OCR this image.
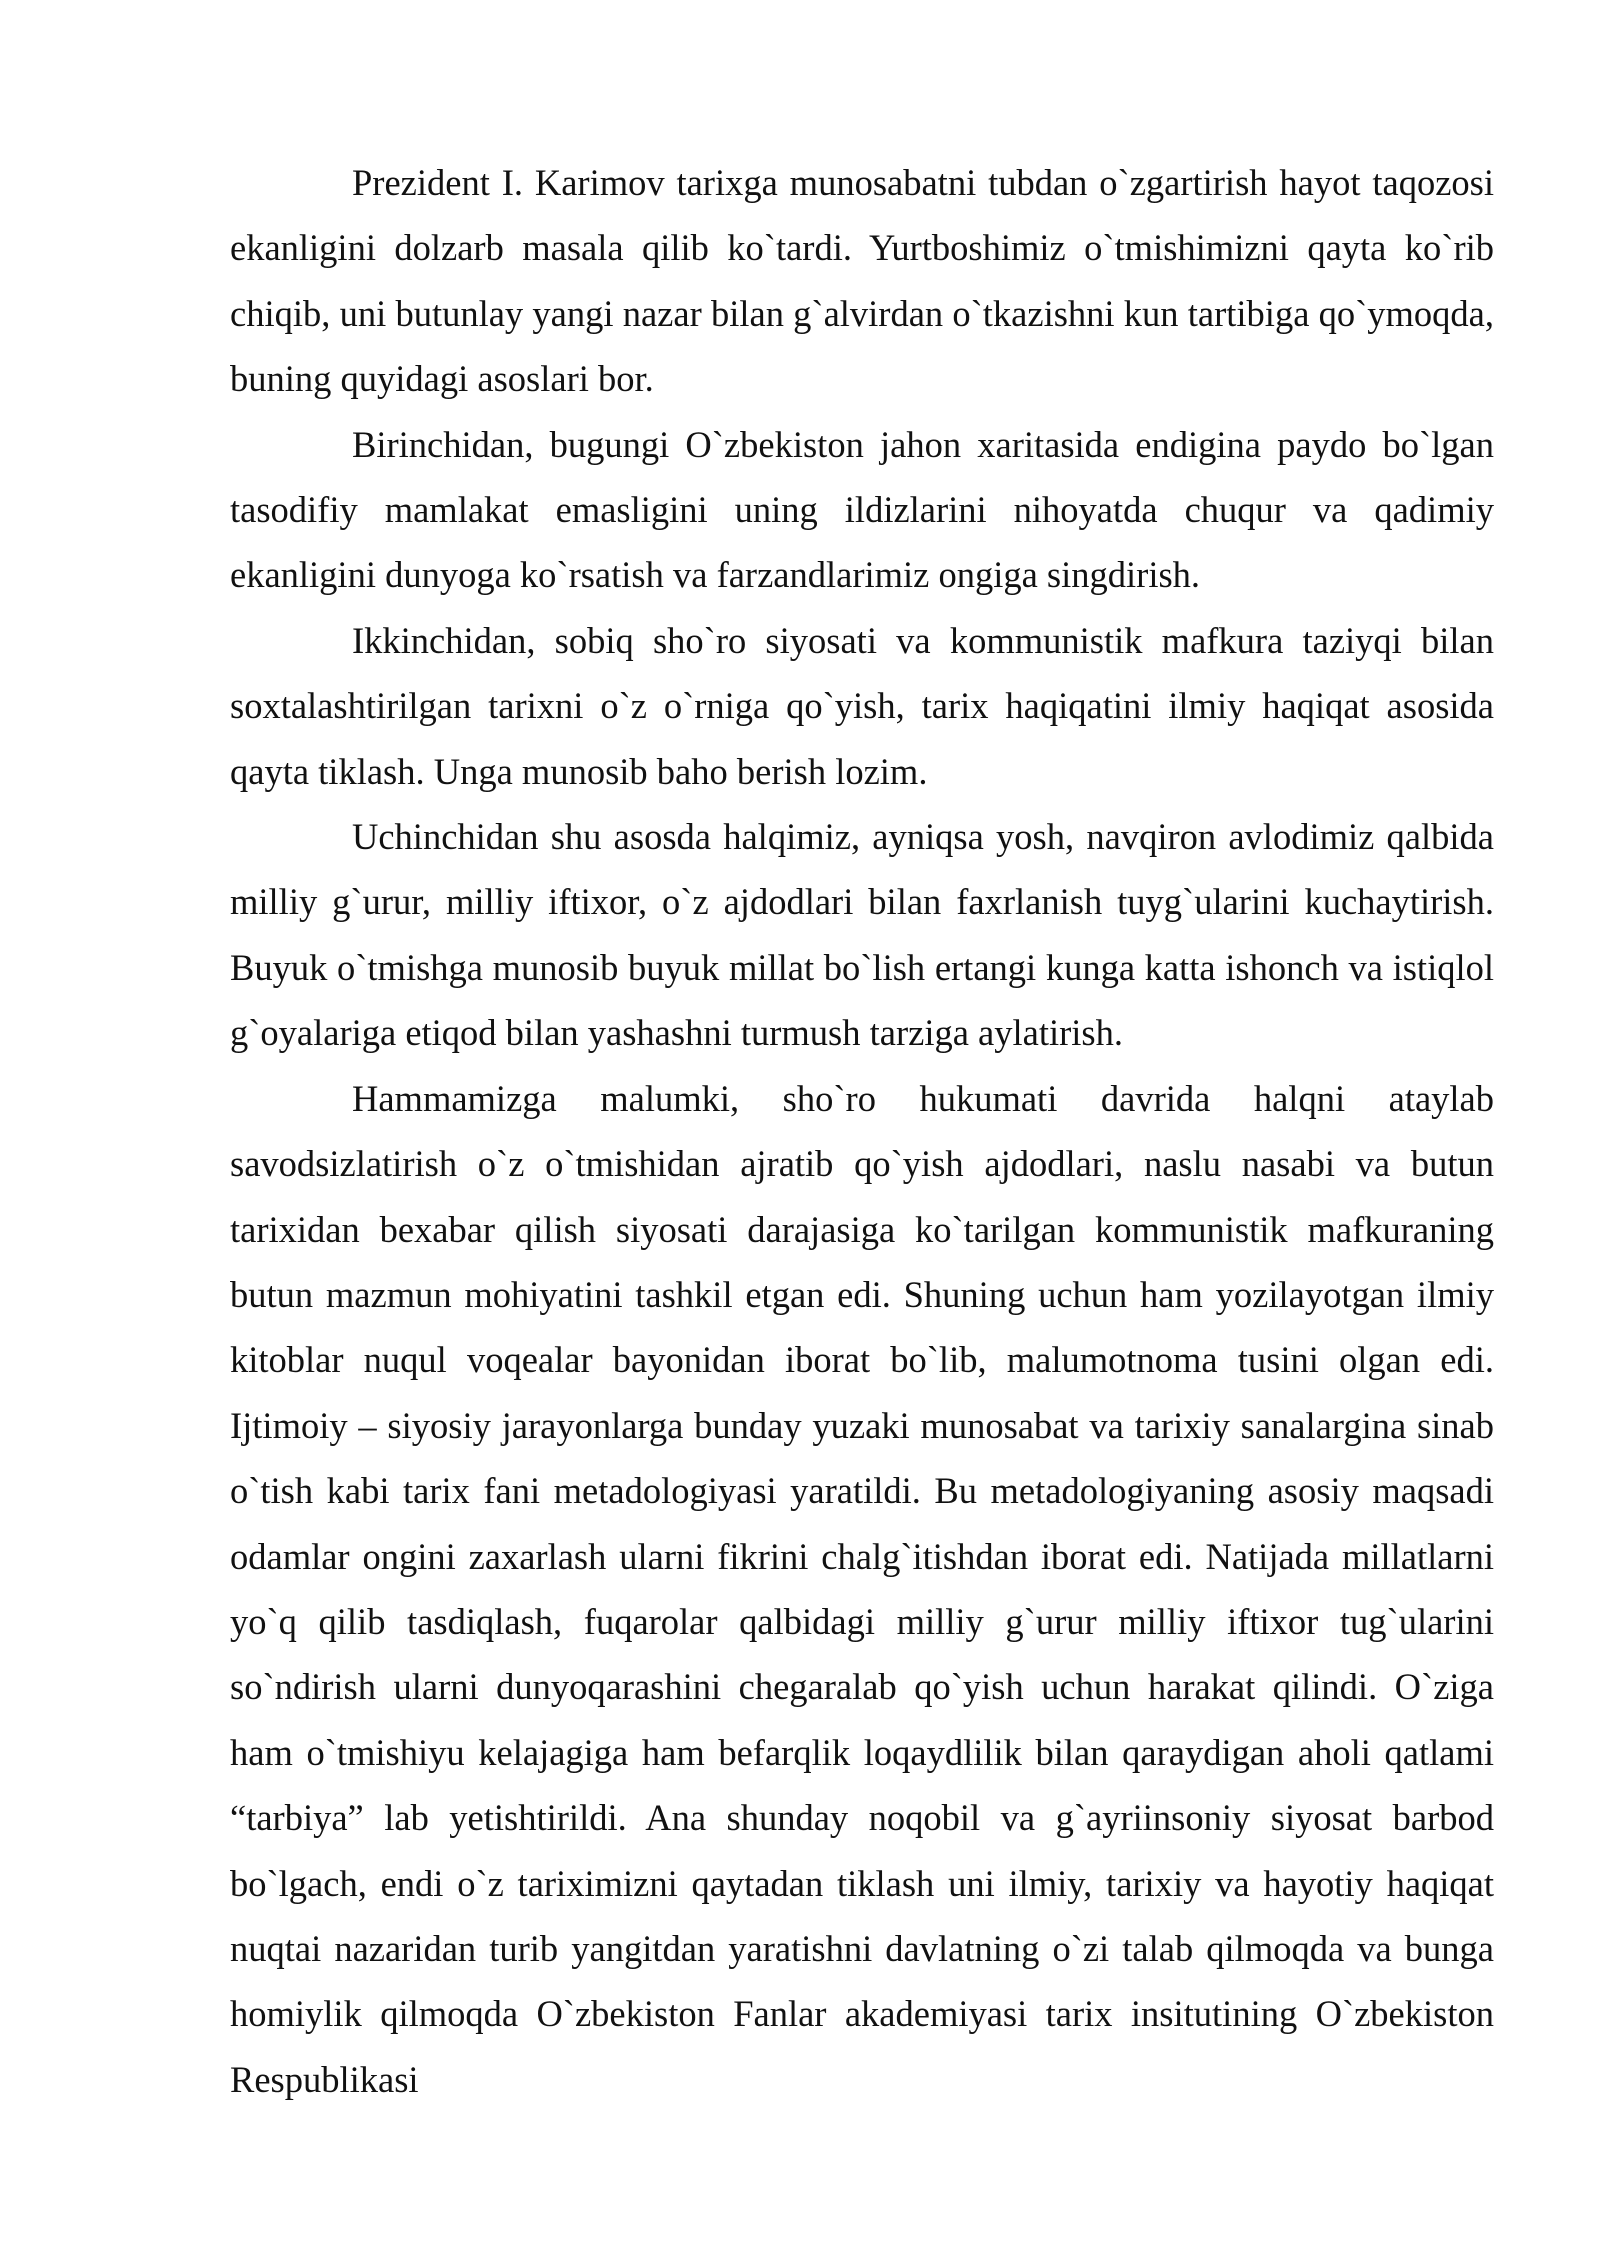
Prezident I. Karimov tarixga munosabatni tubdan o`zgartirish hayot taqozosi ekanligini dolzarb masala qilib ko`tardi. Yurtboshimiz o`tmishimizni qayta ko`rib chiqib, uni butunlay yangi nazar bilan g`alvirdan o`tkazishni kun tartibiga qo`ymoqda, buning quyidagi asoslari bor.

Birinchidan, bugungi O`zbekiston jahon xaritasida endigina paydo bo`lgan tasodifiy mamlakat emasligini uning ildizlarini nihoyatda chuqur va qadimiy ekanligini dunyoga ko`rsatish va farzandlarimiz ongiga singdirish.

Ikkinchidan, sobiq sho`ro siyosati va kommunistik mafkura taziyqi bilan soxtalashtirilgan tarixni o`z o`rniga qo`yish, tarix haqiqatini ilmiy haqiqat asosida qayta tiklash. Unga munosib baho berish lozim.

Uchinchidan shu asosda halqimiz, ayniqsa yosh, navqiron avlodimiz qalbida milliy g`urur, milliy iftixor, o`z ajdodlari bilan faxrlanish tuyg`ularini kuchaytirish. Buyuk o`tmishga munosib buyuk millat bo`lish ertangi kunga katta ishonch va istiqlol g`oyalariga etiqod bilan yashashni turmush tarziga aylatirish.

Hammamizga malumki, sho`ro hukumati davrida halqni ataylab savodsizlatirish o`z o`tmishidan ajratib qo`yish ajdodlari, naslu nasabi va butun tarixidan bexabar qilish siyosati darajasiga ko`tarilgan kommunistik mafkuraning butun mazmun mohiyatini tashkil etgan edi. Shuning uchun ham yozilayotgan ilmiy kitoblar nuqul voqealar bayonidan iborat bo`lib, malumotnoma tusini olgan edi. Ijtimoiy – siyosiy jarayonlarga bunday yuzaki munosabat va tarixiy sanalargina sinab o`tish kabi tarix fani metadologiyasi yaratildi. Bu metadologiyaning asosiy maqsadi odamlar ongini zaxarlash ularni fikrini chalg`itishdan iborat edi. Natijada millatlarni yo`q qilib tasdiqlash, fuqarolar qalbidagi milliy g`urur milliy iftixor tug`ularini so`ndirish ularni dunyoqarashini chegaralab qo`yish uchun harakat qilindi. O`ziga ham o`tmishiyu kelajagiga ham befarqlik loqaydlilik bilan qaraydigan aholi qatlami “tarbiya” lab yetishtirildi. Ana shunday noqobil va g`ayriinsoniy siyosat barbod bo`lgach, endi o`z tariximizni qaytadan tiklash uni ilmiy, tarixiy va hayotiy haqiqat nuqtai nazaridan turib yangitdan yaratishni davlatning o`zi talab qilmoqda va bunga homiylik qilmoqda O`zbekiston Fanlar akademiyasi tarix insitutining O`zbekiston Respublikasi
